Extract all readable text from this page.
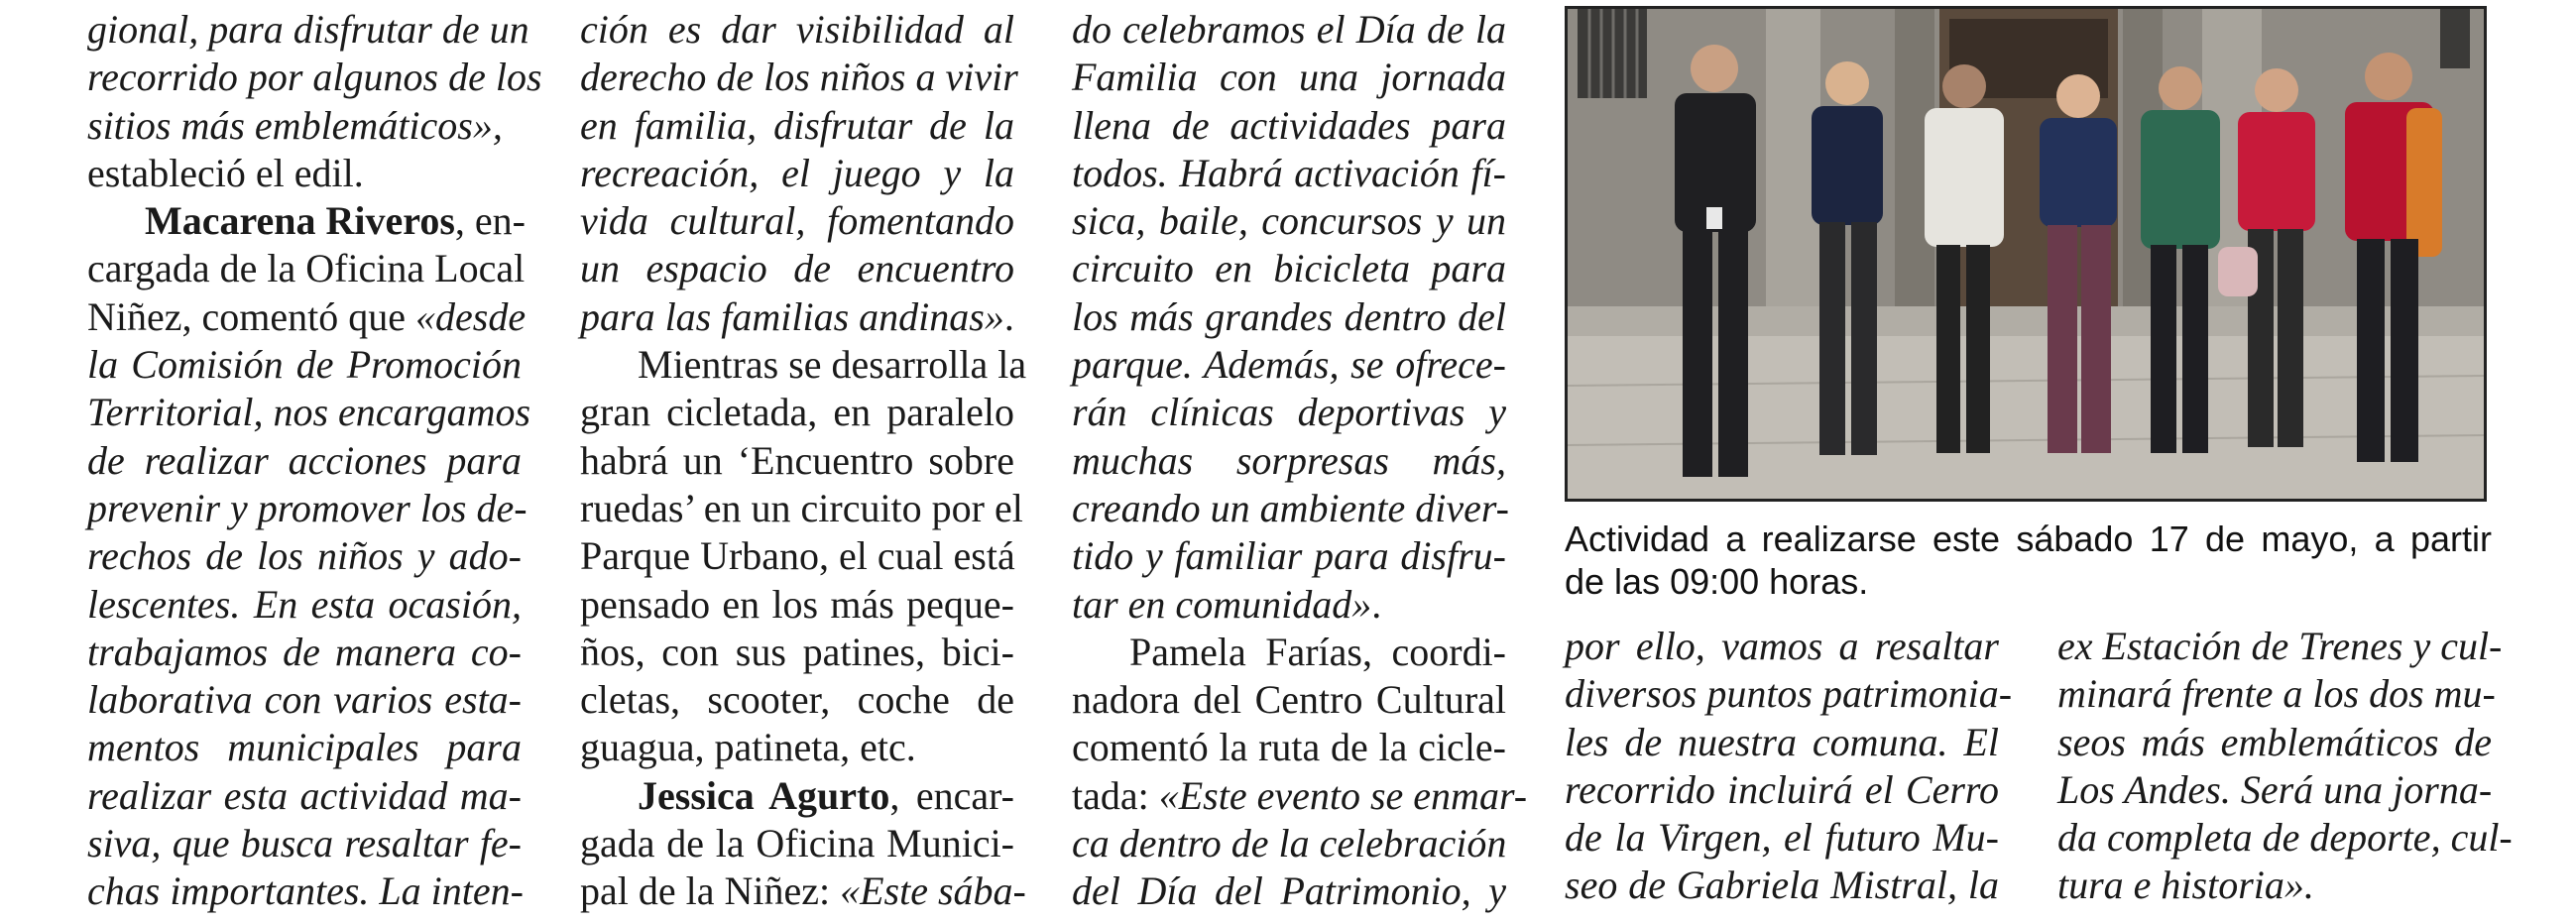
gional, para disfrutar de un
recorrido por algunos de los
sitios más emblemáticos»,
estableció el edil.
Macarena Riveros, en-
cargada de la Oficina Local
Niñez, comentó que «desde
la Comisión de Promoción
Territorial, nos encargamos
de realizar acciones para
prevenir y promover los de-
rechos de los niños y ado-
lescentes. En esta ocasión,
trabajamos de manera co-
laborativa con varios esta-
mentos municipales para
realizar esta actividad ma-
siva, que busca resaltar fe-
chas importantes. La inten-
ción es dar visibilidad al
derecho de los niños a vivir
en familia, disfrutar de la
recreación, el juego y la
vida cultural, fomentando
un espacio de encuentro
para las familias andinas».
Mientras se desarrolla la
gran cicletada, en paralelo
habrá un ‘Encuentro sobre
ruedas’ en un circuito por el
Parque Urbano, el cual está
pensado en los más peque-
ños, con sus patines, bici-
cletas, scooter, coche de
guagua, patineta, etc.
Jessica Agurto, encar-
gada de la Oficina Munici-
pal de la Niñez: «Este sába-
do celebramos el Día de la
Familia con una jornada
llena de actividades para
todos. Habrá activación fí-
sica, baile, concursos y un
circuito en bicicleta para
los más grandes dentro del
parque. Además, se ofrece-
rán clínicas deportivas y
muchas sorpresas más,
creando un ambiente diver-
tido y familiar para disfru-
tar en comunidad».
Pamela Farías, coordi-
nadora del Centro Cultural
comentó la ruta de la cicle-
tada: «Este evento se enmar-
ca dentro de la celebración
del Día del Patrimonio, y
Actividad a realizarse este sábado 17 de mayo, a partir
de las 09:00 horas.
por ello, vamos a resaltar
diversos puntos patrimonia-
les de nuestra comuna. El
recorrido incluirá el Cerro
de la Virgen, el futuro Mu-
seo de Gabriela Mistral, la
ex Estación de Trenes y cul-
minará frente a los dos mu-
seos más emblemáticos de
Los Andes. Será una jorna-
da completa de deporte, cul-
tura e historia».
